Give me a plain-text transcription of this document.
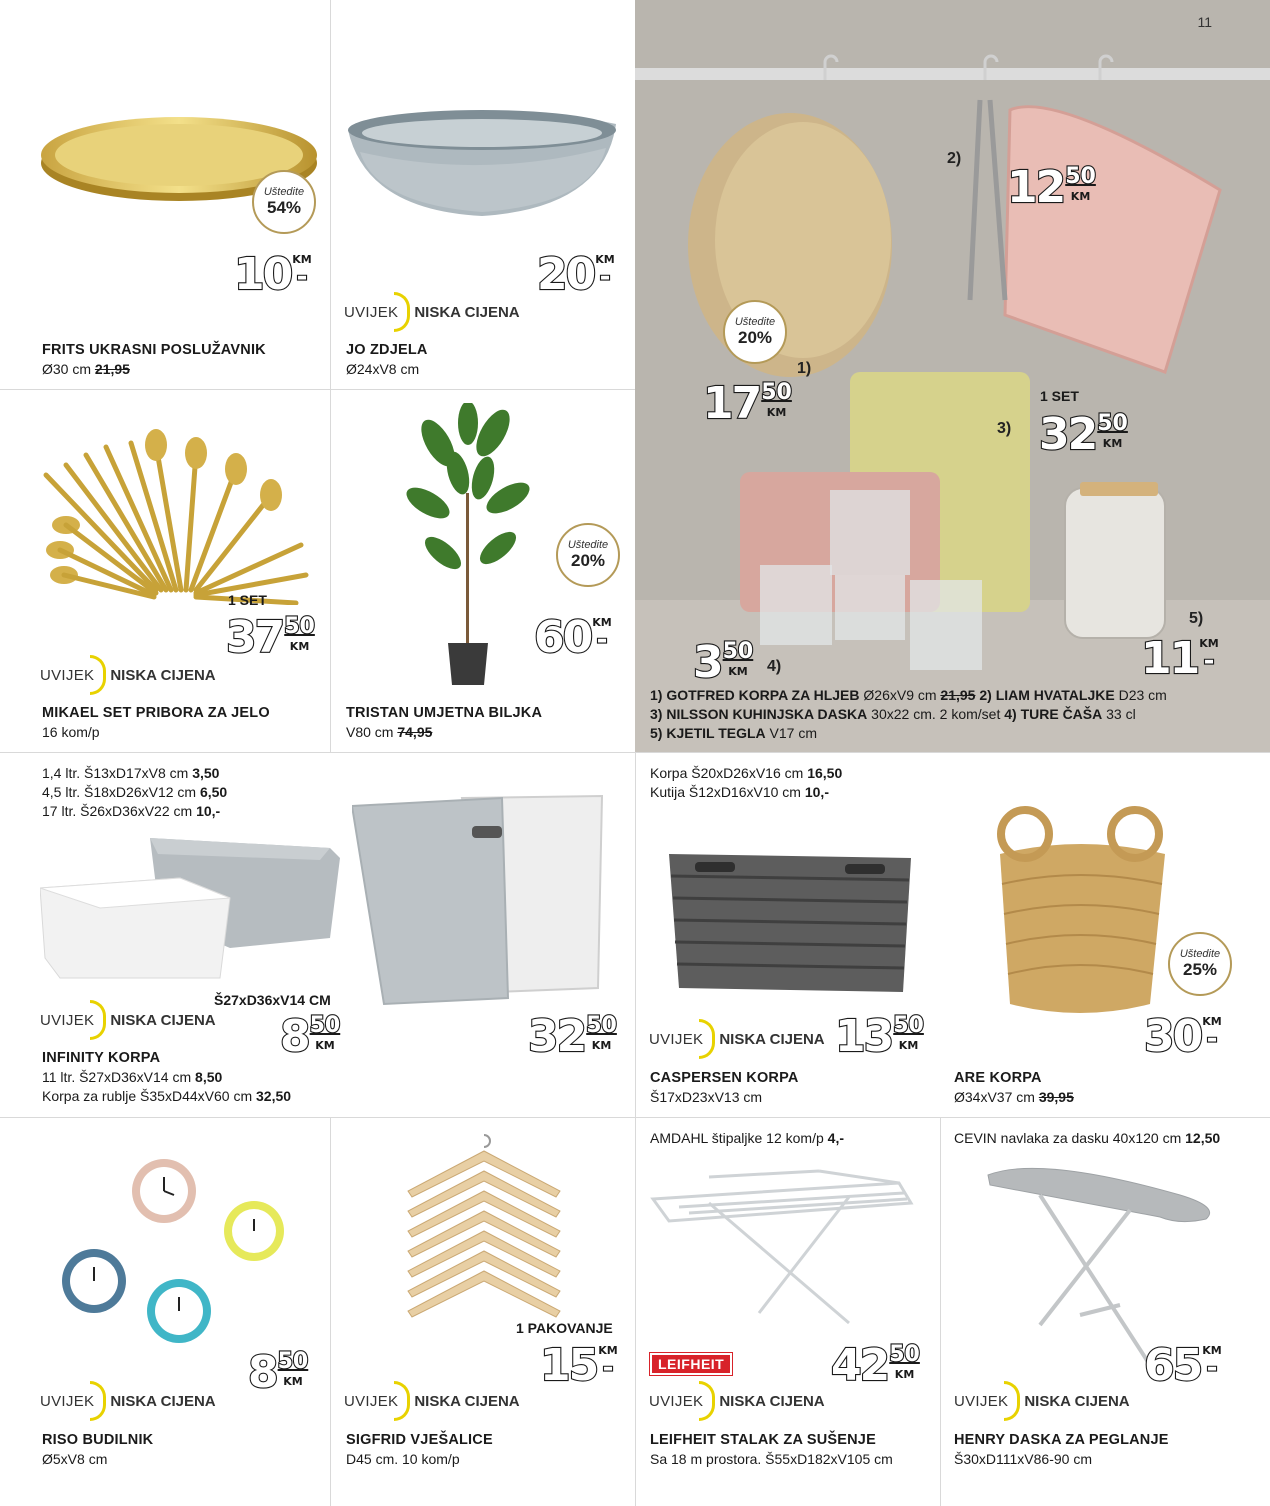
Uštedite
54%
10 KM
-
FRITS UKRASNI POSLUŽAVNIK
Ø30 cm 21,95
20 KM
-
UVIJEK NISKA CIJENA
JO ZDJELA
Ø24xV8 cm
1 SET
37 50
KM
UVIJEK NISKA CIJENA
MIKAEL SET PRIBORA ZA JELO
16 kom/p
Uštedite
20%
60 KM
-
TRISTAN UMJETNA BILJKA
V80 cm 74,95
11
2)
12 50
KM
Uštedite
20%
1)
17 50
KM
1 SET
3) 32 50
KM
5)
11 KM
-
3 50
KM 4)
1) GOTFRED KORPA ZA HLJEB Ø26xV9 cm 21,95 2) LIAM HVATALJKE D23 cm
3) NILSSON KUHINJSKA DASKA 30x22 cm. 2 kom/set 4) TURE ČAŠA 33 cl
5) KJETIL TEGLA V17 cm
1,4 ltr. Š13xD17xV8 cm 3,50
4,5 ltr. Š18xD26xV12 cm 6,50
17 ltr. Š26xD36xV22 cm 10,-
Š27xD36xV14 CM
UVIJEK NISKA CIJENA 8 50
KM	32 50
KM
INFINITY KORPA
11 ltr. Š27xD36xV14 cm 8,50
Korpa za rublje Š35xD44xV60 cm 32,50
Korpa Š20xD26xV16 cm 16,50
Kutija Š12xD16xV10 cm 10,-
UVIJEK NISKA CIJENA 13 50
KM
CASPERSEN KORPA
Š17xD23xV13 cm
Uštedite
25%
30 KM
-
ARE KORPA
Ø34xV37 cm 39,95
8 50
KM
UVIJEK NISKA CIJENA
RISO BUDILNIK
Ø5xV8 cm
1 PAKOVANJE
15 KM
-
UVIJEK NISKA CIJENA
SIGFRID VJEŠALICE
D45 cm. 10 kom/p
AMDAHL štipaljke 12 kom/p 4,-
LEIFHEIT 42 50
KM
UVIJEK NISKA CIJENA
LEIFHEIT STALAK ZA SUŠENJE
Sa 18 m prostora. Š55xD182xV105 cm
CEVIN navlaka za dasku 40x120 cm 12,50
65 KM
-
UVIJEK NISKA CIJENA
HENRY DASKA ZA PEGLANJE
Š30xD111xV86-90 cm
